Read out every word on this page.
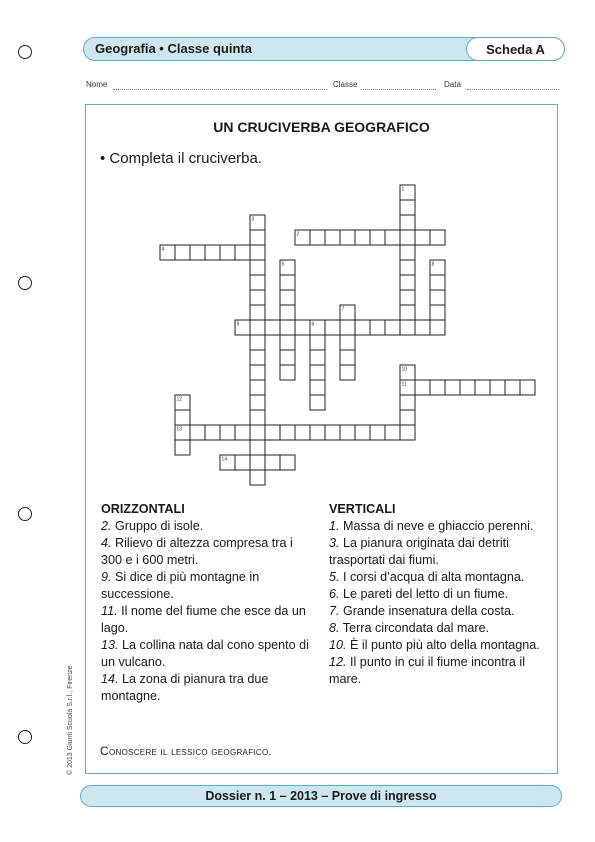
Geografia • Classe quinta	Scheda A
Nome	Classe	Data
UN CRUCIVERBA GEOGRAFICO
• Completa il cruciverba.
1
2
3
4
5
6
7
8
9
10
11
12
13
14
ORIZZONTALI
2. Gruppo di isole.
4. Rilievo di altezza compresa tra i 300 e i 600 metri.
9. Si dice di più montagne in successione.
11. Il nome del fiume che esce da un lago.
13. La collina nata dal cono spento di un vulcano.
14. La zona di pianura tra due montagne.
VERTICALI
1. Massa di neve e ghiaccio perenni.
3. La pianura originata dai detriti trasportati dai fiumi.
5. I corsi d’acqua di alta montagna.
6. Le pareti del letto di un fiume.
7. Grande insenatura della costa.
8. Terra circondata dal mare.
10. È il punto più alto della montagna.
12. Il punto in cui il fiume incontra il mare.
Conoscere il lessico geografico.
© 2013 Giunti Scuola S.r.l., Firenze
Dossier n. 1 – 2013 – Prove di ingresso
